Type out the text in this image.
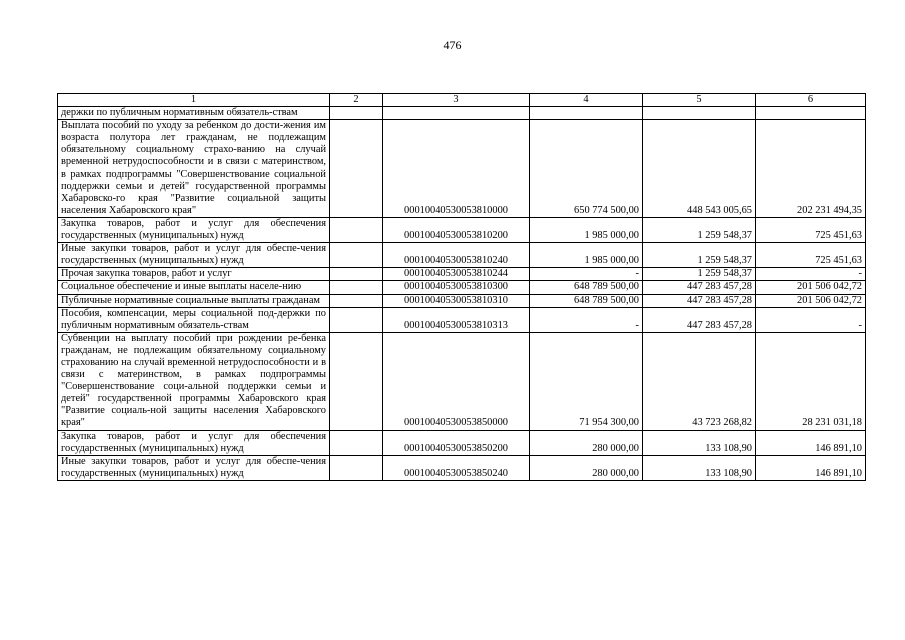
476
1	2	3	4	5	6
держки по публичным нормативным обязатель-ствам					
Выплата пособий по уходу за ребенком до дости-жения им возраста полутора лет гражданам, не подлежащим обязательному социальному страхо-ванию на случай временной нетрудоспособности и в связи с материнством, в рамках подпрограммы "Совершенствование социальной поддержки семьи и детей" государственной программы Хабаровско-го края "Развитие социальной защиты населения Хабаровского края"		00010040530053810000	650 774 500,00	448 543 005,65	202 231 494,35
Закупка товаров, работ и услуг для обеспечения государственных (муниципальных) нужд		00010040530053810200	1 985 000,00	1 259 548,37	725 451,63
Иные закупки товаров, работ и услуг для обеспе-чения государственных (муниципальных) нужд		00010040530053810240	1 985 000,00	1 259 548,37	725 451,63
Прочая закупка товаров, работ и услуг		00010040530053810244	-	1 259 548,37	-
Социальное обеспечение и иные выплаты населе-нию		00010040530053810300	648 789 500,00	447 283 457,28	201 506 042,72
Публичные нормативные социальные выплаты гражданам		00010040530053810310	648 789 500,00	447 283 457,28	201 506 042,72
Пособия, компенсации, меры социальной под-держки по публичным нормативным обязатель-ствам		00010040530053810313	-	447 283 457,28	-
Субвенции на выплату пособий при рождении ре-бенка гражданам, не подлежащим обязательному социальному страхованию на случай временной нетрудоспособности и в связи с материнством, в рамках подпрограммы "Совершенствование соци-альной поддержки семьи и детей" государственной программы Хабаровского края "Развитие социаль-ной защиты населения Хабаровского края"		00010040530053850000	71 954 300,00	43 723 268,82	28 231 031,18
Закупка товаров, работ и услуг для обеспечения государственных (муниципальных) нужд		00010040530053850200	280 000,00	133 108,90	146 891,10
Иные закупки товаров, работ и услуг для обеспе-чения государственных (муниципальных) нужд		00010040530053850240	280 000,00	133 108,90	146 891,10
